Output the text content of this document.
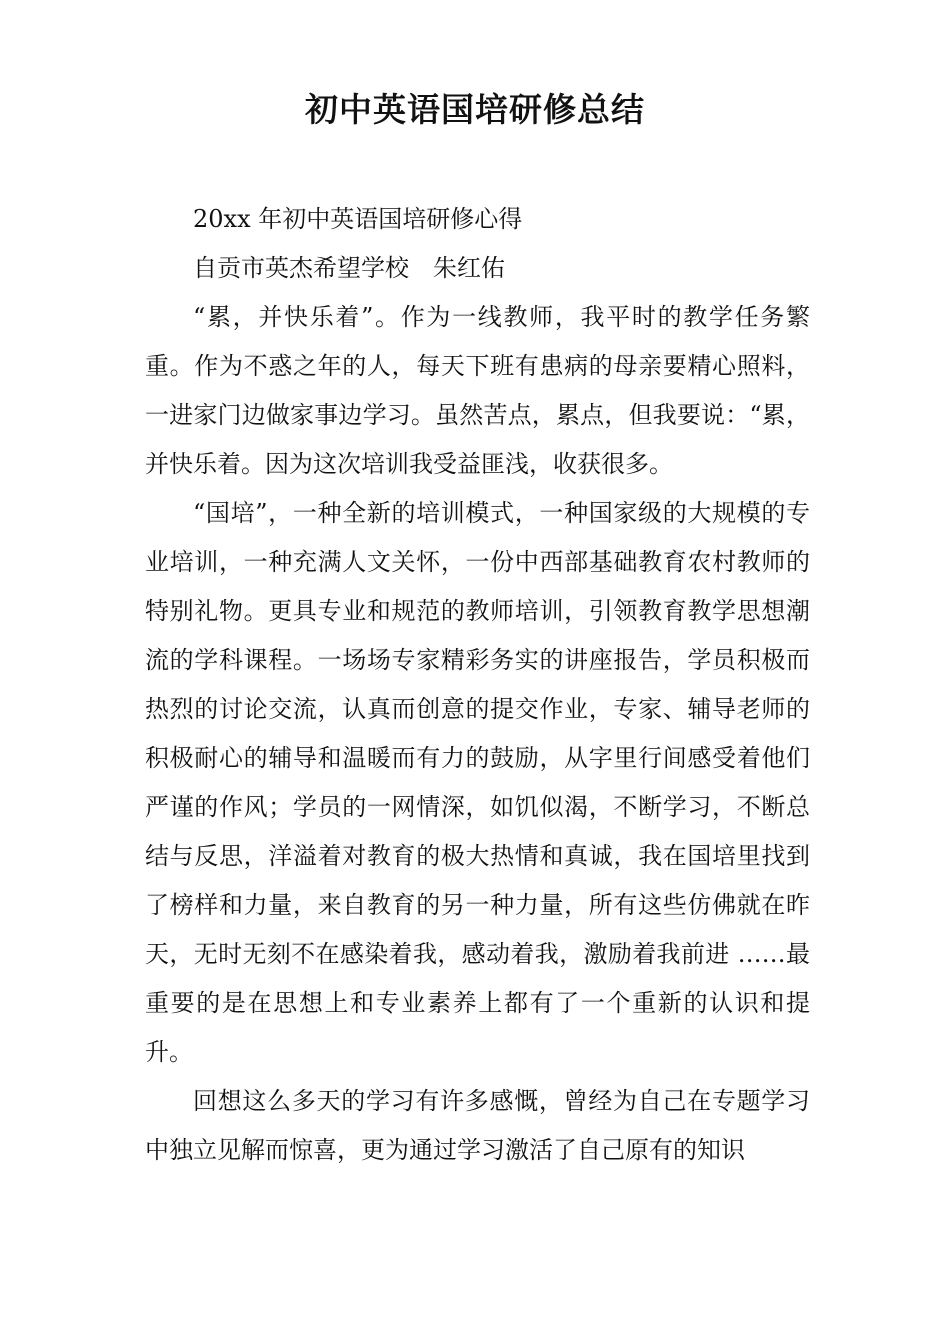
初中英语国培研修总结

20xx 年初中英语国培研修心得

自贡市英杰希望学校　朱红佑

“累，并快乐着”。作为一线教师，我平时的教学任务繁重。作为不惑之年的人，每天下班有患病的母亲要精心照料，一进家门边做家事边学习。虽然苦点，累点，但我要说：“累，并快乐着。因为这次培训我受益匪浅，收获很多。

“国培”，一种全新的培训模式，一种国家级的大规模的专业培训，一种充满人文关怀，一份中西部基础教育农村教师的特别礼物。更具专业和规范的教师培训，引领教育教学思想潮流的学科课程。一场场专家精彩务实的讲座报告，学员积极而热烈的讨论交流，认真而创意的提交作业，专家、辅导老师的积极耐心的辅导和温暖而有力的鼓励，从字里行间感受着他们严谨的作风；学员的一网情深，如饥似渴，不断学习，不断总结与反思，洋溢着对教育的极大热情和真诚，我在国培里找到了榜样和力量，来自教育的另一种力量，所有这些仿佛就在昨天，无时无刻不在感染着我，感动着我，激励着我前进 ……最重要的是在思想上和专业素养上都有了一个重新的认识和提升。

回想这么多天的学习有许多感慨，曾经为自己在专题学习中独立见解而惊喜，更为通过学习激活了自己原有的知识
